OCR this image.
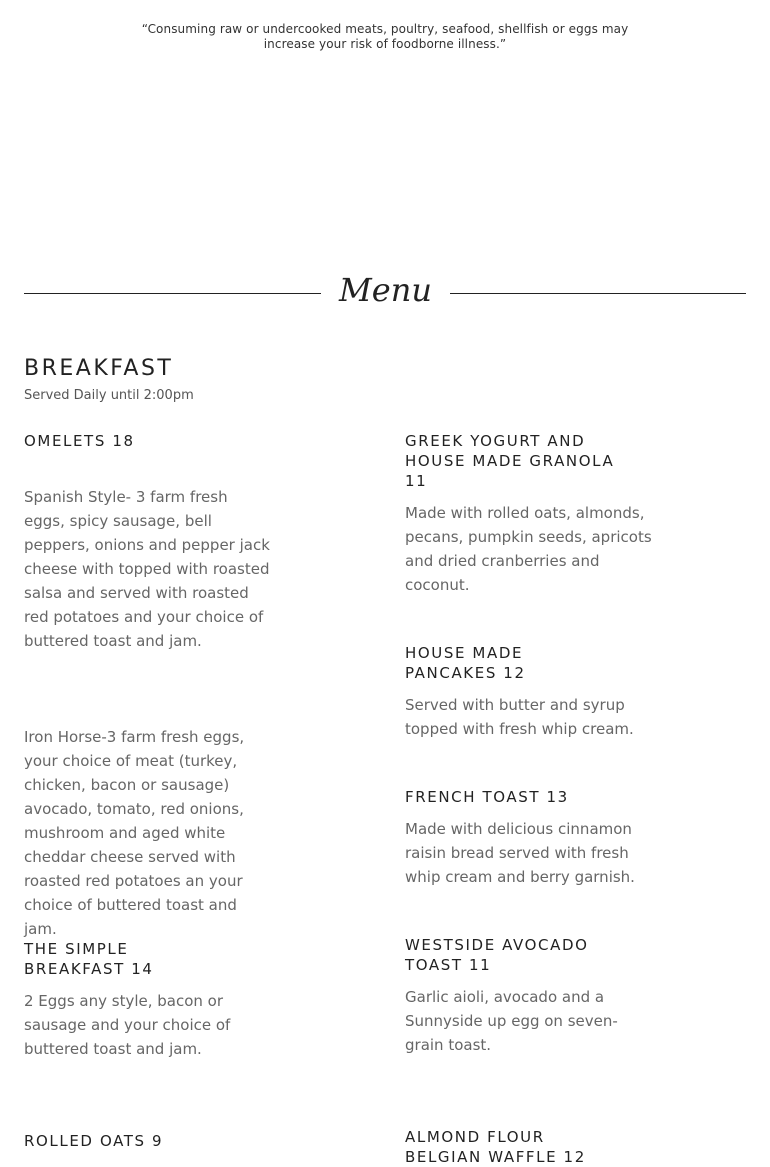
“Consuming raw or undercooked meats, poultry, seafood, shellfish or eggs may
increase your risk of foodborne illness.”
Menu
BREAKFAST
Served Daily until 2:00pm
OMELETS 18

Spanish Style- 3 farm fresh eggs, spicy sausage, bell peppers, onions and pepper jack cheese with topped with roasted salsa and served with roasted red potatoes and your choice of buttered toast and jam.

Iron Horse-3 farm fresh eggs, your choice of meat (turkey, chicken, bacon or sausage) avocado, tomato, red onions, mushroom and aged white cheddar cheese served with roasted red potatoes an your choice of buttered toast and jam.

THE SIMPLE
BREAKFAST 14
2 Eggs any style, bacon or sausage and your choice of buttered toast and jam.
ROLLED OATS 9
GREEK YOGURT AND
HOUSE MADE GRANOLA
11
Made with rolled oats, almonds, pecans, pumpkin seeds, apricots and dried cranberries and coconut.
HOUSE MADE
PANCAKES 12
Served with butter and syrup topped with fresh whip cream.
FRENCH TOAST 13
Made with delicious cinnamon raisin bread served with fresh whip cream and berry garnish.
WESTSIDE AVOCADO
TOAST 11
Garlic aioli, avocado and a Sunnyside up egg on seven-grain toast.
ALMOND FLOUR
BELGIAN WAFFLE 12
